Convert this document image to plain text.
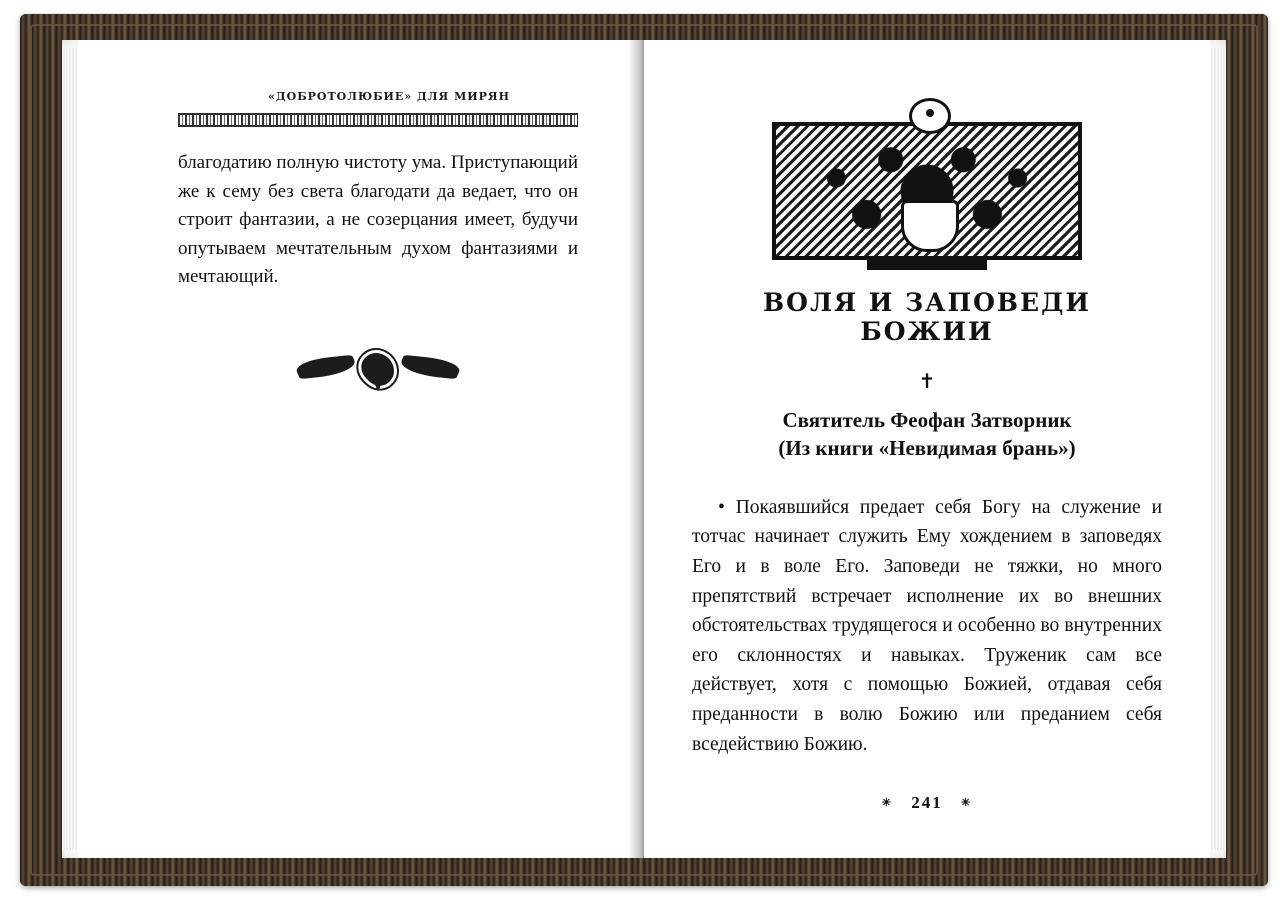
«ДОБРОТОЛЮБИЕ» ДЛЯ МИРЯН
благодатию полную чистоту ума. Приступающий же к сему без света благодати да ведает, что он строит фантазии, а не созерцания имеет, будучи опутываем мечтательным духом фантазиями и мечтающий.
ВОЛЯ И ЗАПОВЕДИ БОЖИИ
✝
Святитель Феофан Затворник
(Из книги «Невидимая брань»)
• Покаявшийся предает себя Богу на служение и тотчас начинает служить Ему хождением в заповедях Его и в воле Его. Заповеди не тяжки, но много препятствий встречает исполнение их во внешних обстоятельствах трудящегося и особенно во внутренних его склонностях и навыках. Труженик сам все действует, хотя с помощью Божией, отдавая себя преданности в волю Божию или преданием себя вседействию Божию.
✳ 241 ✳
